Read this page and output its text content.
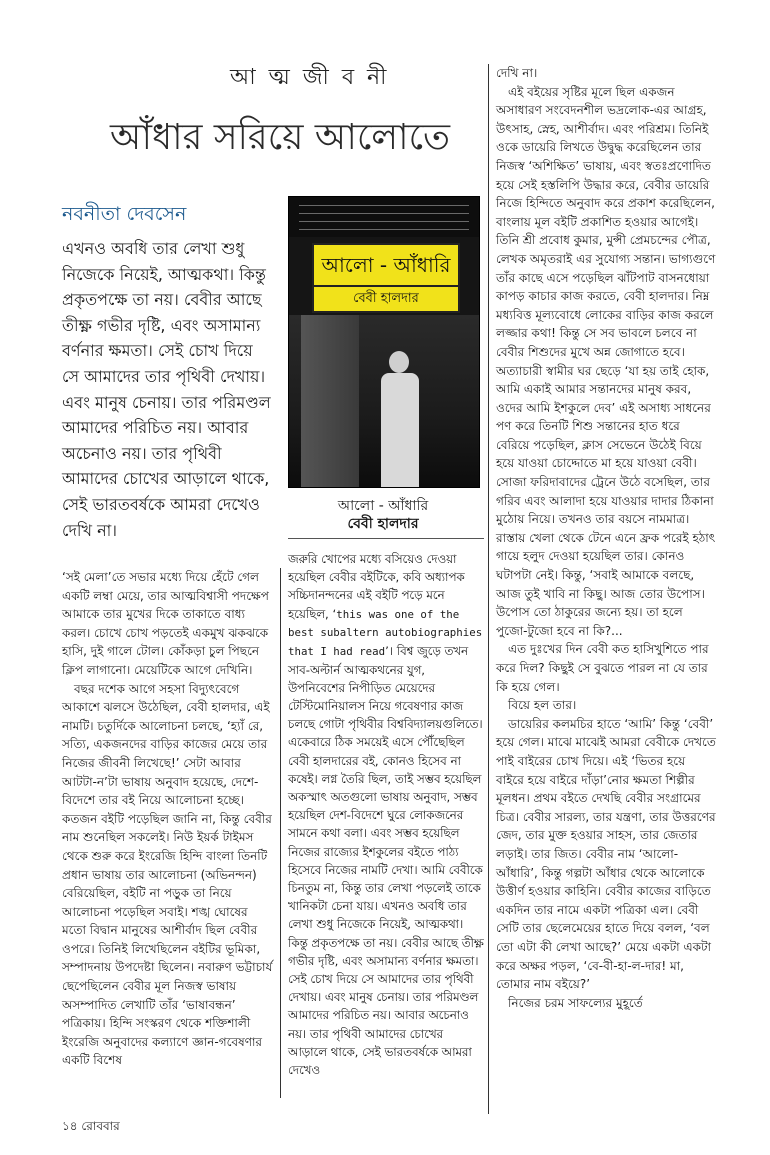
আ ত্ম জী ব নী
আঁধার সরিয়ে আলোতে
নবনীতা দেবসেন

এখনও অবধি তার লেখা শুধু নিজেকে নিয়েই, আত্মকথা। কিন্তু প্রকৃতপক্ষে তা নয়। বেবীর আছে তীক্ষ্ণ গভীর দৃষ্টি, এবং অসামান্য বর্ণনার ক্ষমতা। সেই চোখ দিয়ে সে আমাদের তার পৃথিবী দেখায়। এবং মানুষ চেনায়। তার পরিমণ্ডল আমাদের পরিচিত নয়। আবার অচেনাও নয়। তার পৃথিবী আমাদের চোখের আড়ালে থাকে, সেই ভারতবর্ষকে আমরা দেখেও দেখি না।

আলো - আঁধারি
বেবী হালদার
আলো - আঁধারি
বেবী হালদার

‘সই মেলা’তে সভার মধ্যে দিয়ে হেঁটে গেল একটি লম্বা মেয়ে, তার আত্মবিশ্বাসী পদক্ষেপ আমাকে তার মুখের দিকে তাকাতে বাধ্য করল। চোখে চোখ পড়তেই একমুখ ঝকঝকে হাসি, দুই গালে টোল। কোঁকড়া চুল পিছনে ক্লিপ লাগানো। মেয়েটিকে আগে দেখিনি।

বছর দশেক আগে সহসা বিদ্যুৎবেগে আকাশে ঝলসে উঠেছিল, বেবী হালদার, এই নামটি। চতুর্দিকে আলোচনা চলছে, ‘হ্যাঁ রে, সত্যি, একজনদের বাড়ির কাজের মেয়ে তার নিজের জীবনী লিখেছে!’ সেটা আবার আটটা-ন’টা ভাষায় অনুবাদ হয়েছে, দেশে-বিদেশে তার বই নিয়ে আলোচনা হচ্ছে। কতজন বইটি পড়েছিল জানি না, কিন্তু বেবীর নাম শুনেছিল সকলেই। নিউ ইয়র্ক টাইমস থেকে শুরু করে ইংরেজি হিন্দি বাংলা তিনটি প্রধান ভাষায় তার আলোচনা (অভিনন্দন) বেরিয়েছিল, বইটি না পড়ুক তা নিয়ে আলোচনা পড়েছিল সবাই। শঙ্খ ঘোষের মতো বিদ্বান মানুষের আশীর্বাদ ছিল বেবীর ওপরে। তিনিই লিখেছিলেন বইটির ভূমিকা, সম্পাদনায় উপদেষ্টা ছিলেন। নবারুণ ভট্টাচার্য ছেপেছিলেন বেবীর মূল নিজস্ব ভাষায় অসম্পাদিত লেখাটি তাঁর ‘ভাষাবন্ধন’ পত্রিকায়। হিন্দি সংস্করণ থেকে শক্তিশালী ইংরেজি অনুবাদের কল্যাণে জ্ঞান-গবেষণার একটি বিশেষ

জরুরি খোপের মধ্যে বসিয়েও দেওয়া হয়েছিল বেবীর বইটিকে, কবি অধ্যাপক সচ্চিদানন্দনের এই বইটি পড়ে মনে হয়েছিল, ‘this was one of the best subaltern autobiographies that I had read’। বিশ্ব জুড়ে তখন সাব-অল্টার্ন আত্মকথনের যুগ, উপনিবেশের নিপীড়িত মেয়েদের টেস্টিমোনিয়ালস নিয়ে গবেষণার কাজ চলছে গোটা পৃথিবীর বিশ্ববিদ্যালয়গুলিতে। একেবারে ঠিক সময়েই এসে পৌঁছেছিল বেবী হালদারের বই, কোনও হিসেব না কষেই। লগ্ন তৈরি ছিল, তাই সম্ভব হয়েছিল অকস্মাৎ অতগুলো ভাষায় অনুবাদ, সম্ভব হয়েছিল দেশ-বিদেশে ঘুরে লোকজনের সামনে কথা বলা। এবং সম্ভব হয়েছিল নিজের রাজ্যের ইশকুলের বইতে পাঠ্য হিসেবে নিজের নামটি দেখা। আমি বেবীকে চিনতুম না, কিন্তু তার লেখা পড়লেই তাকে খানিকটা চেনা যায়। এখনও অবধি তার লেখা শুধু নিজেকে নিয়েই, আত্মকথা। কিন্তু প্রকৃতপক্ষে তা নয়। বেবীর আছে তীক্ষ্ণ গভীর দৃষ্টি, এবং অসামান্য বর্ণনার ক্ষমতা। সেই চোখ দিয়ে সে আমাদের তার পৃথিবী দেখায়। এবং মানুষ চেনায়। তার পরিমণ্ডল আমাদের পরিচিত নয়। আবার অচেনাও নয়। তার পৃথিবী আমাদের চোখের আড়ালে থাকে, সেই ভারতবর্ষকে আমরা দেখেও

দেখি না।

এই বইয়ের সৃষ্টির মূলে ছিল একজন অসাধারণ সংবেদনশীল ভদ্রলোক-এর আগ্রহ, উৎসাহ, স্নেহ, আশীর্বাদ। এবং পরিশ্রম। তিনিই ওকে ডায়েরি লিখতে উদ্বুদ্ধ করেছিলেন তার নিজস্ব ‘অশিক্ষিত’ ভাষায়, এবং স্বতঃপ্রণোদিত হয়ে সেই হস্তলিপি উদ্ধার করে, বেবীর ডায়েরি নিজে হিন্দিতে অনুবাদ করে প্রকাশ করেছিলেন, বাংলায় মূল বইটি প্রকাশিত হওয়ার আগেই। তিনি শ্রী প্রবোধ কুমার, মুন্সী প্রেমচন্দের পৌত্র, লেখক অমৃতরাই এর সুযোগ্য সন্তান। ভাগ্যগুণে তাঁর কাছে এসে পড়েছিল ঝাঁটপাট বাসনধোয়া কাপড় কাচার কাজ করতে, বেবী হালদার। নিম্ন মধ্যবিত্ত মূল্যবোধে লোকের বাড়ির কাজ করলে লজ্জার কথা! কিন্তু সে সব ভাবলে চলবে না বেবীর শিশুদের মুখে অন্ন জোগাতে হবে। অত্যাচারী স্বামীর ঘর ছেড়ে ‘যা হয় তাই হোক, আমি একাই আমার সন্তানদের মানুষ করব, ওদের আমি ইশকুলে দেব’ এই অসাধ্য সাধনের পণ করে তিনটি শিশু সন্তানের হাত ধরে বেরিয়ে পড়েছিল, ক্লাস সেভেনে উঠেই বিয়ে হয়ে যাওয়া চোদ্দোতে মা হয়ে যাওয়া বেবী। সোজা ফরিদাবাদের ট্রেনে উঠে বসেছিল, তার গরিব এবং আলাদা হয়ে যাওয়ার দাদার ঠিকানা মুঠোয় নিয়ে। তখনও তার বয়সে নামমাত্র। রাস্তায় খেলা থেকে টেনে এনে ফ্রক পরেই হঠাৎ গায়ে হলুদ দেওয়া হয়েছিল তার। কোনও ঘটাপটা নেই। কিন্তু, ‘সবাই আমাকে বলছে, আজ তুই খাবি না কিছু। আজ তোর উপোস। উপোস তো ঠাকুরের জন্যে হয়। তা হলে পুজো-টুজো হবে না কি?...

এত দুঃখের দিন বেবী কত হাসিখুশিতে পার করে দিল? কিছুই সে বুঝতে পারল না যে তার কি হয়ে গেল।

বিয়ে হল তার।

ডায়েরির কলমচির হাতে ‘আমি’ কিন্তু ‘বেবী’ হয়ে গেল। মাঝে মাঝেই আমরা বেবীকে দেখতে পাই বাইরের চোখ দিয়ে। এই ‘ভিতর হয়ে বাইরে হয়ে বাইরে দাঁড়া’নোর ক্ষমতা শিল্পীর মূলধন। প্রথম বইতে দেখছি বেবীর সংগ্রামের চিত্র। বেবীর সারল্য, তার যন্ত্রণা, তার উত্তরণের জেদ, তার মুক্ত হওয়ার সাহস, তার জেতার লড়াই। তার জিত। বেবীর নাম ‘আলো-আঁধারি’, কিন্তু গল্পটা আঁধার থেকে আলোকে উত্তীর্ণ হওয়ার কাহিনি। বেবীর কাজের বাড়িতে একদিন তার নামে একটা পত্রিকা এল। বেবী সেটি তার ছেলেমেয়ের হাতে দিয়ে বলল, ‘বল তো এটা কী লেখা আছে?’ মেয়ে একটা একটা করে অক্ষর পড়ল, ‘বে-বী-হা-ল-দার! মা, তোমার নাম বইয়ে?’

নিজের চরম সাফল্যের মুহূর্তে

১৪ রোববার
